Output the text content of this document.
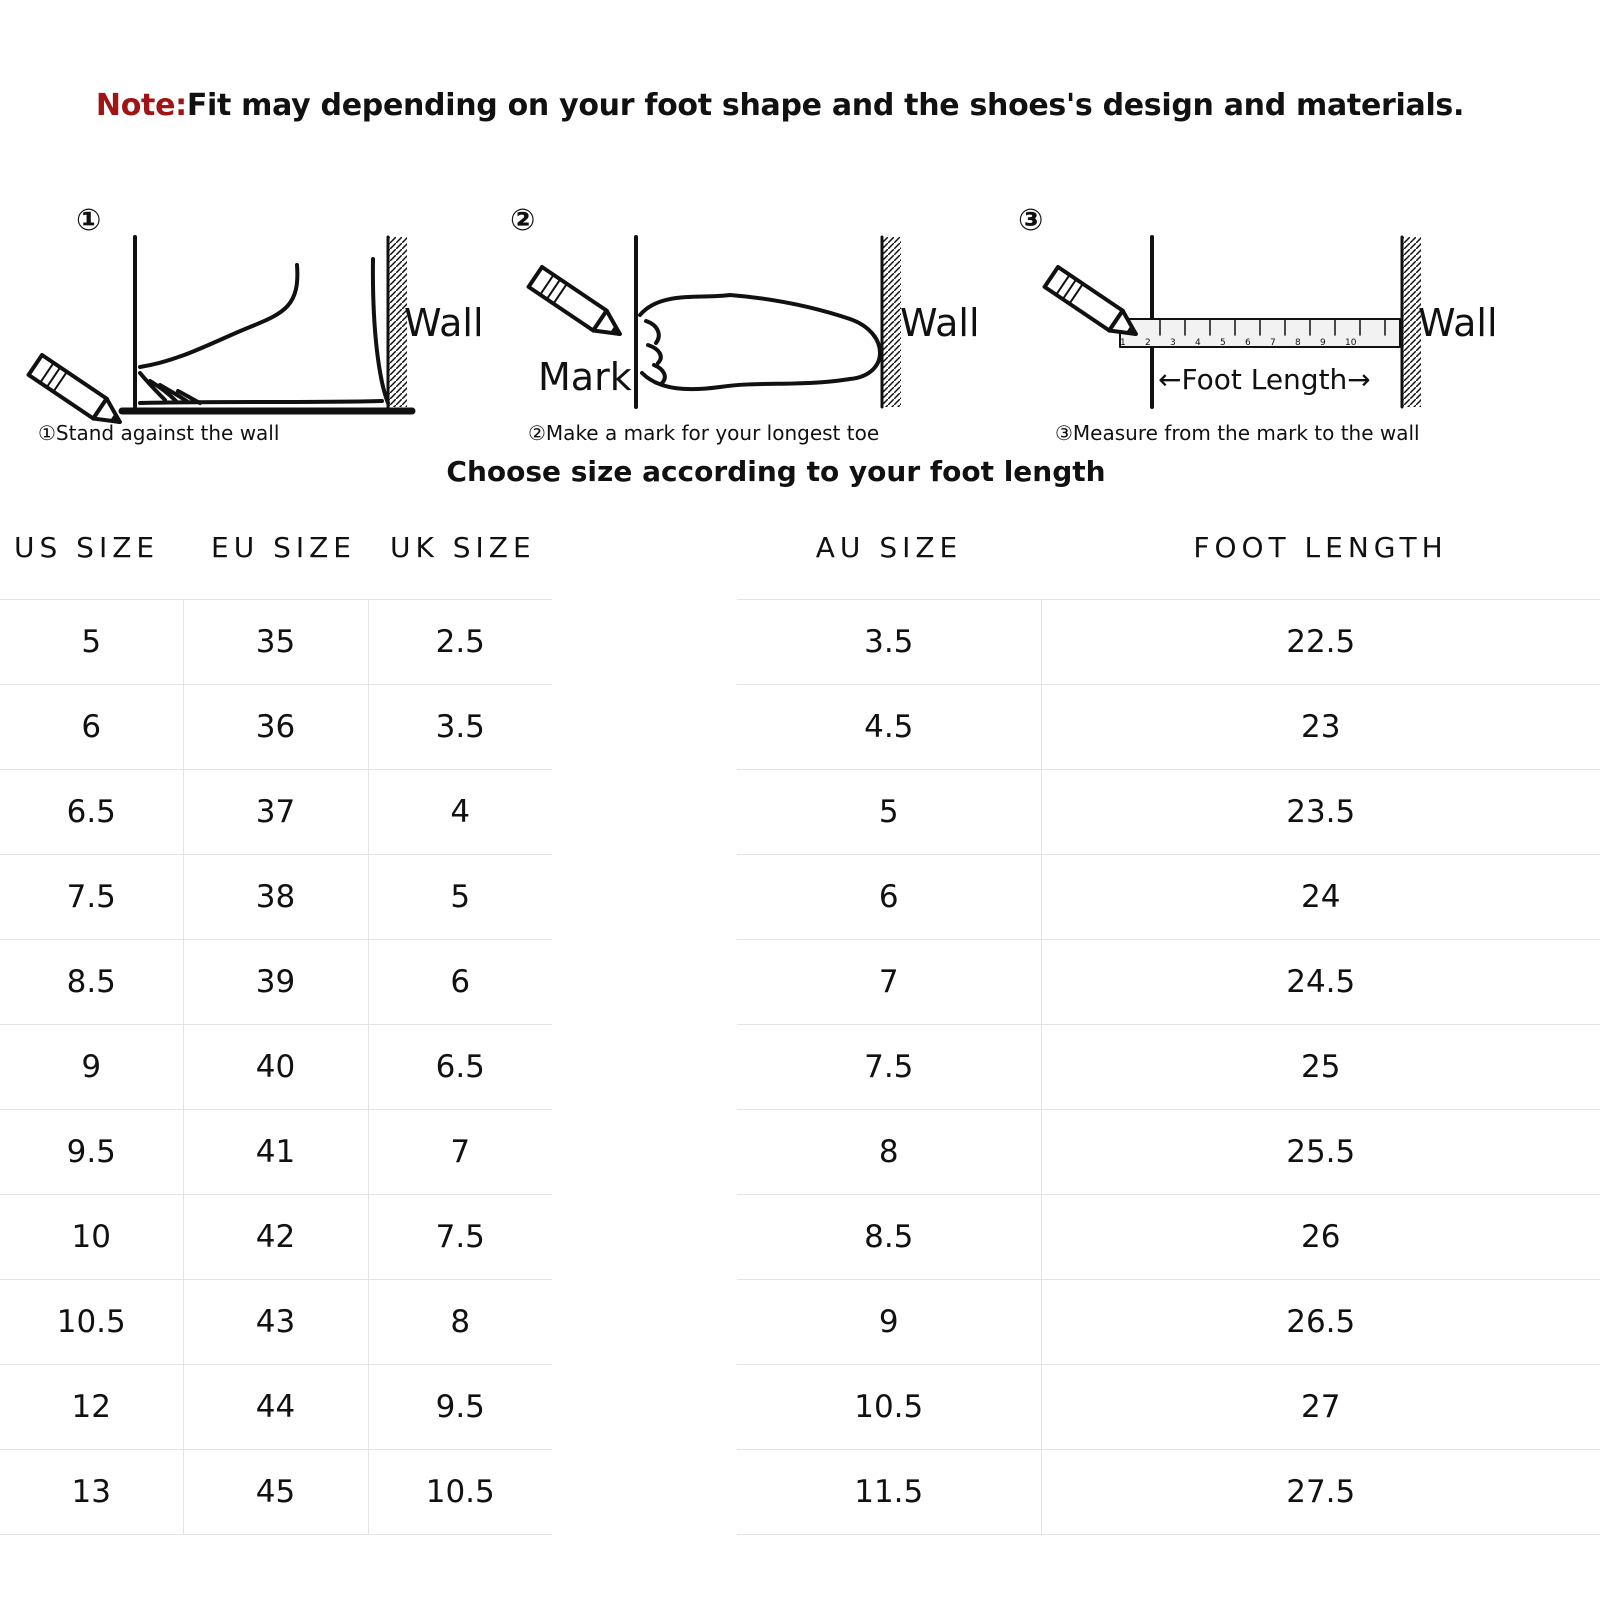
Note:Fit may depending on your foot shape and the shoes's design and materials.
1 2 3 4 5 6 7 8 9 10
①	②	③
Wall	Wall	Wall
Mark	←Foot Length→
①Stand against the wall	②Make a mark for your longest toe	③Measure from the mark to the wall
Choose size according to your foot length
US SIZE	EU SIZE	UK SIZE
5	35	2.5
6	36	3.5
6.5	37	4
7.5	38	5
8.5	39	6
9	40	6.5
9.5	41	7
10	42	7.5
10.5	43	8
12	44	9.5
13	45	10.5
AU SIZE	FOOT LENGTH
3.5	22.5
4.5	23
5	23.5
6	24
7	24.5
7.5	25
8	25.5
8.5	26
9	26.5
10.5	27
11.5	27.5
